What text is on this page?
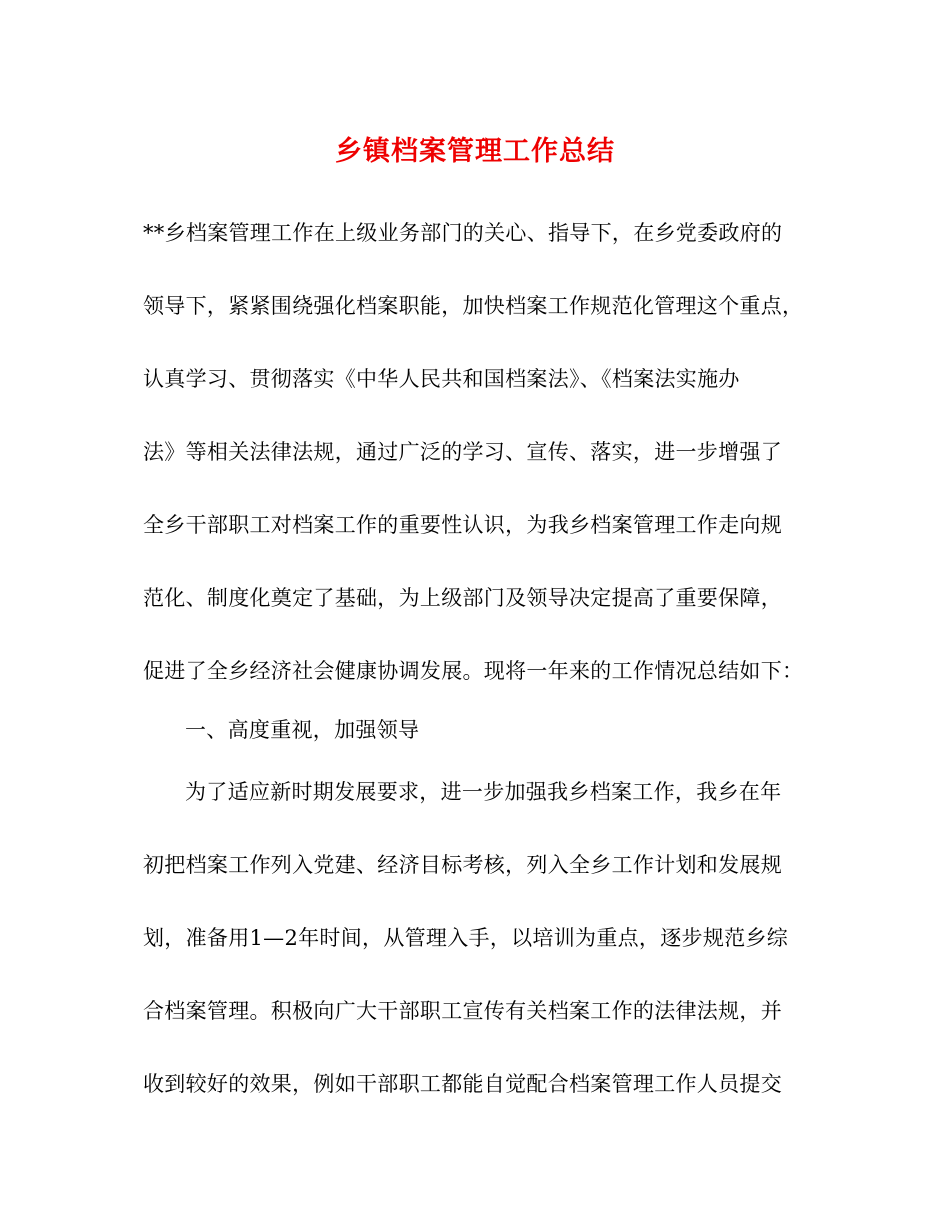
乡镇档案管理工作总结

**乡档案管理工作在上级业务部门的关心、指导下，在乡党委政府的

领导下，紧紧围绕强化档案职能，加快档案工作规范化管理这个重点，

认真学习、贯彻落实《中华人民共和国档案法》、《档案法实施办

法》等相关法律法规，通过广泛的学习、宣传、落实，进一步增强了

全乡干部职工对档案工作的重要性认识，为我乡档案管理工作走向规

范化、制度化奠定了基础，为上级部门及领导决定提高了重要保障，

促进了全乡经济社会健康协调发展。现将一年来的工作情况总结如下：

一、高度重视，加强领导

为了适应新时期发展要求，进一步加强我乡档案工作，我乡在年

初把档案工作列入党建、经济目标考核，列入全乡工作计划和发展规

划，准备用1—2年时间，从管理入手，以培训为重点，逐步规范乡综

合档案管理。积极向广大干部职工宣传有关档案工作的法律法规，并

收到较好的效果，例如干部职工都能自觉配合档案管理工作人员提交
